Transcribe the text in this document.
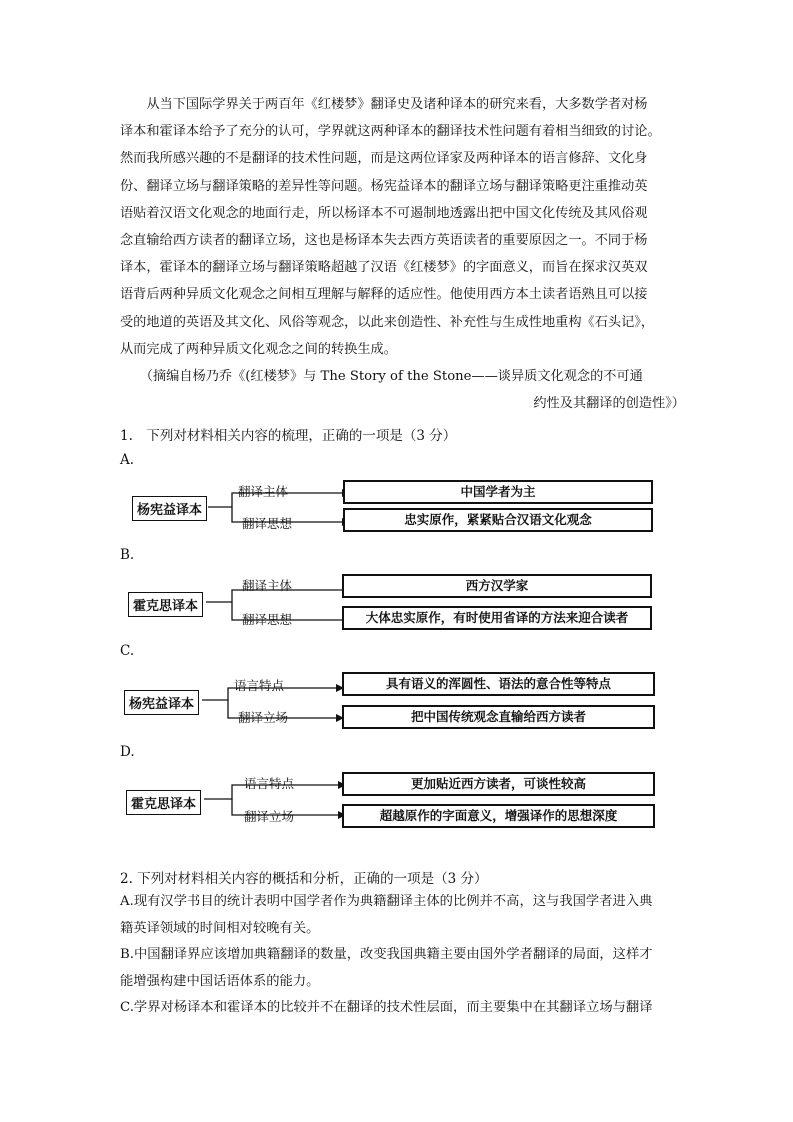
　　从当下国际学界关于两百年《红楼梦》翻译史及诸种译本的研究来看，大多数学者对杨
译本和霍译本给予了充分的认可，学界就这两种译本的翻译技术性问题有着相当细致的讨论。
然而我所感兴趣的不是翻译的技术性问题，而是这两位译家及两种译本的语言修辞、文化身
份、翻译立场与翻译策略的差异性等问题。杨宪益译本的翻译立场与翻译策略更注重推动英
语贴着汉语文化观念的地面行走，所以杨译本不可遏制地透露出把中国文化传统及其风俗观
念直输给西方读者的翻译立场，这也是杨译本失去西方英语读者的重要原因之一。不同于杨
译本，霍译本的翻译立场与翻译策略超越了汉语《红楼梦》的字面意义，而旨在探求汉英双
语背后两种异质文化观念之间相互理解与解释的适应性。他使用西方本土读者语熟且可以接
受的地道的英语及其文化、风俗等观念，以此来创造性、补充性与生成性地重构《石头记》，
从而完成了两种异质文化观念之间的转换生成。
　　（摘编自杨乃乔《(红楼梦》与 The Story of the Stone——谈异质文化观念的不可通
约性及其翻译的创造性》）
1.　下列对材料相关内容的梳理，正确的一项是（3 分）
A.
杨宪益译本
翻译主体
翻译思想
中国学者为主
忠实原作，紧紧贴合汉语文化观念
B.
霍克思译本
翻译主体
翻译思想
西方汉学家
大体忠实原作，有时使用省译的方法来迎合读者
C.
杨宪益译本
语言特点
翻译立场
具有语义的浑圆性、语法的意合性等特点
把中国传统观念直输给西方读者
D.
霍克思译本
语言特点
翻译立场
更加贴近西方读者，可谈性较高
超越原作的字面意义，增强译作的思想深度
2. 下列对材料相关内容的概括和分析，正确的一项是（3 分）
A.现有汉学书目的统计表明中国学者作为典籍翻译主体的比例并不高，这与我国学者进入典
籍英译领域的时间相对较晚有关。
B.中国翻译界应该增加典籍翻译的数量，改变我国典籍主要由国外学者翻译的局面，这样才
能增强构建中国话语体系的能力。
C.学界对杨译本和霍译本的比较并不在翻译的技术性层面，而主要集中在其翻译立场与翻译
